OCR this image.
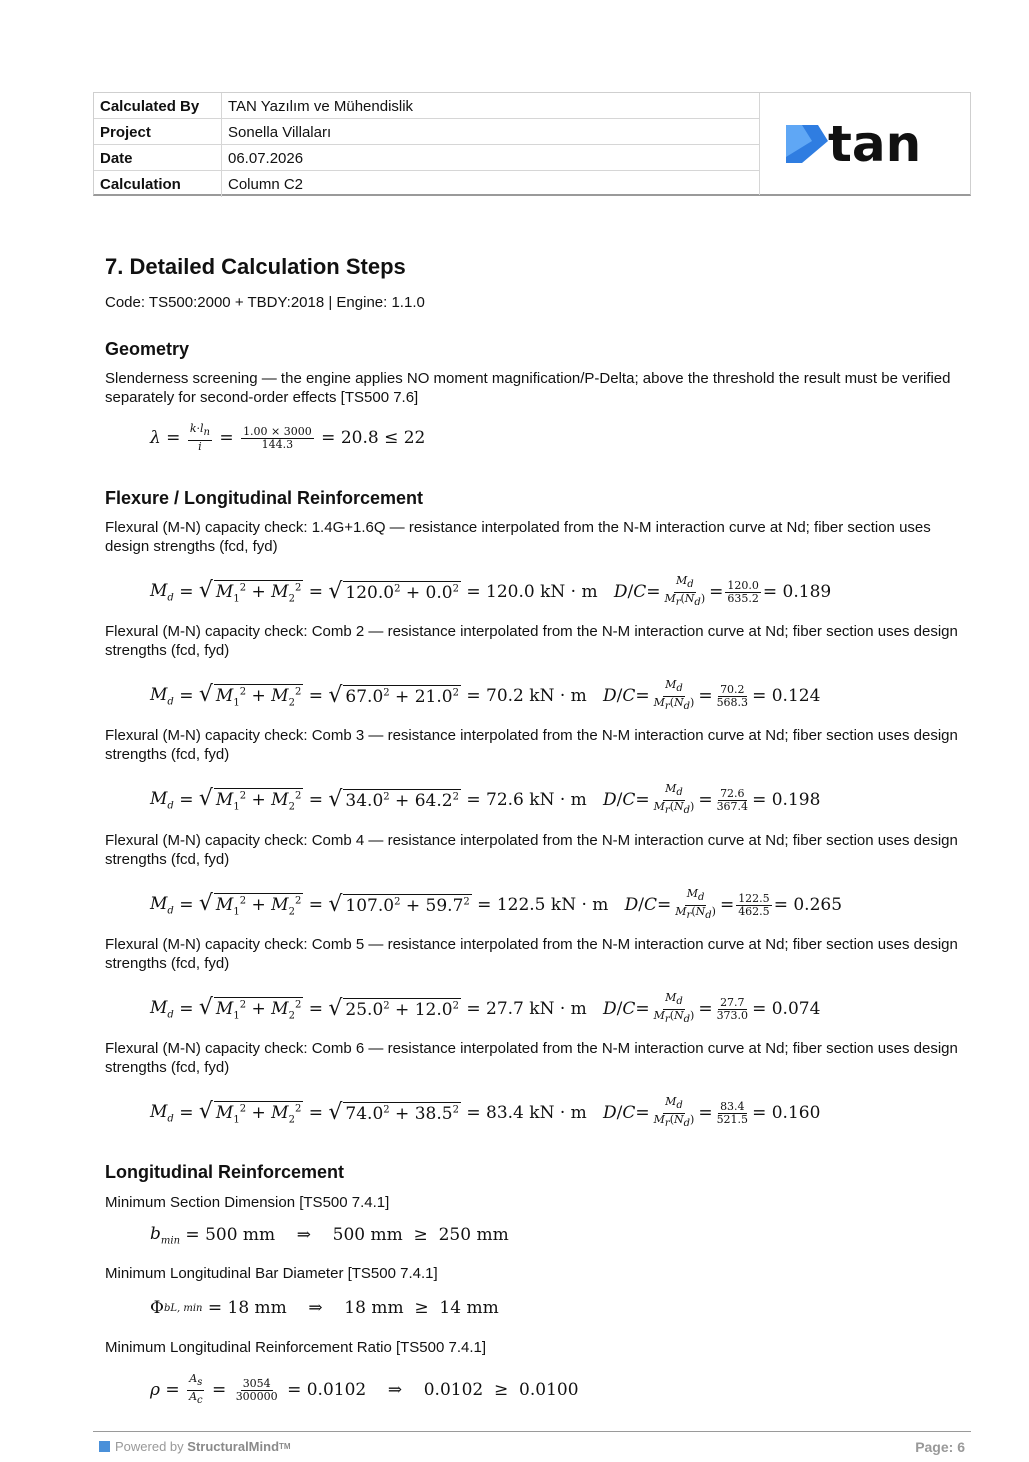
Calculated By	TAN Yazılım ve Mühendislik
Project	Sonella Villaları
Date	06.07.2026
Calculation	Column C2
tan
7. Detailed Calculation Steps

Code: TS500:2000 + TBDY:2018 | Engine: 1.1.0

Geometry

Slenderness screening — the engine applies NO moment magnification/P-Delta; above the threshold the result must be verified separately for second-order effects [TS500 7.6]

$\lambda = \frac{k\cdot l_n}{i} = \frac{1.00 \times 3000}{144.3}$
= 20.8 ≤ 22
Flexure / Longitudinal Reinforcement

Flexural (M-N) capacity check: 1.4G+1.6Q — resistance interpolated from the N-M interaction curve at Nd; fiber section uses design strengths (fcd, fyd)

$M_d$ = √ $M_1^2 + M_2^2$ = √ $120.0^2 + 0.0^2 = 120.0$ kN · m $D / C = \frac{M_d}{M_r(N_d)} = \frac{120.0}{635.2} = 0.189$

Flexural (M-N) capacity check: Comb 2 — resistance interpolated from the N-M interaction curve at Nd; fiber section uses design strengths (fcd, fyd)

$M_d$ = √ $M_1^2 + M_2^2$ = √ $67.0^2 + 21.0^2 = 70.2$ kN · m $D / C = \frac{M_d}{M_r(N_d)} = \frac{70.2}{568.3} = 0.124$

Flexural (M-N) capacity check: Comb 3 — resistance interpolated from the N-M interaction curve at Nd; fiber section uses design strengths (fcd, fyd)

$M_d$ = √ $M_1^2 + M_2^2$ = √ $34.0^2 + 64.2^2 = 72.6$ kN · m $D / C = \frac{M_d}{M_r(N_d)} = \frac{72.6}{367.4} = 0.198$

Flexural (M-N) capacity check: Comb 4 — resistance interpolated from the N-M interaction curve at Nd; fiber section uses design strengths (fcd, fyd)

$M_d$ = √ $M_1^2 + M_2^2$ = √ $107.0^2 + 59.7^2 = 122.5$ kN · m $D / C = \frac{M_d}{M_r(N_d)} = \frac{122.5}{462.5} = 0.265$

Flexural (M-N) capacity check: Comb 5 — resistance interpolated from the N-M interaction curve at Nd; fiber section uses design strengths (fcd, fyd)

$M_d$ = √ $M_1^2 + M_2^2$ = √ $25.0^2 + 12.0^2 = 27.7$ kN · m $D / C = \frac{M_d}{M_r(N_d)} = \frac{27.7}{373.0} = 0.074$

Flexural (M-N) capacity check: Comb 6 — resistance interpolated from the N-M interaction curve at Nd; fiber section uses design strengths (fcd, fyd)

$M_d$ = √ $M_1^2 + M_2^2$ = √ $74.0^2 + 38.5^2 = 83.4$ kN · m $D / C = \frac{M_d}{M_r(N_d)} = \frac{83.4}{521.5} = 0.160$
Longitudinal Reinforcement

Minimum Section Dimension [TS500 7.4.1]

$b_{min}$
= 500 mm ⇒ 500 mm  ≥  250 mm

Minimum Longitudinal Bar Diameter [TS500 7.4.1]

Φ bL, min
= 18 mm ⇒ 18 mm  ≥  14 mm

Minimum Longitudinal Reinforcement Ratio [TS500 7.4.1]

$\rho = \frac{A_s}{A_c} = \frac{3054}{300000}$
= 0.0102 ⇒ 0.0102  ≥  0.0100
Powered by
StructuralMind TM	Page: 6
